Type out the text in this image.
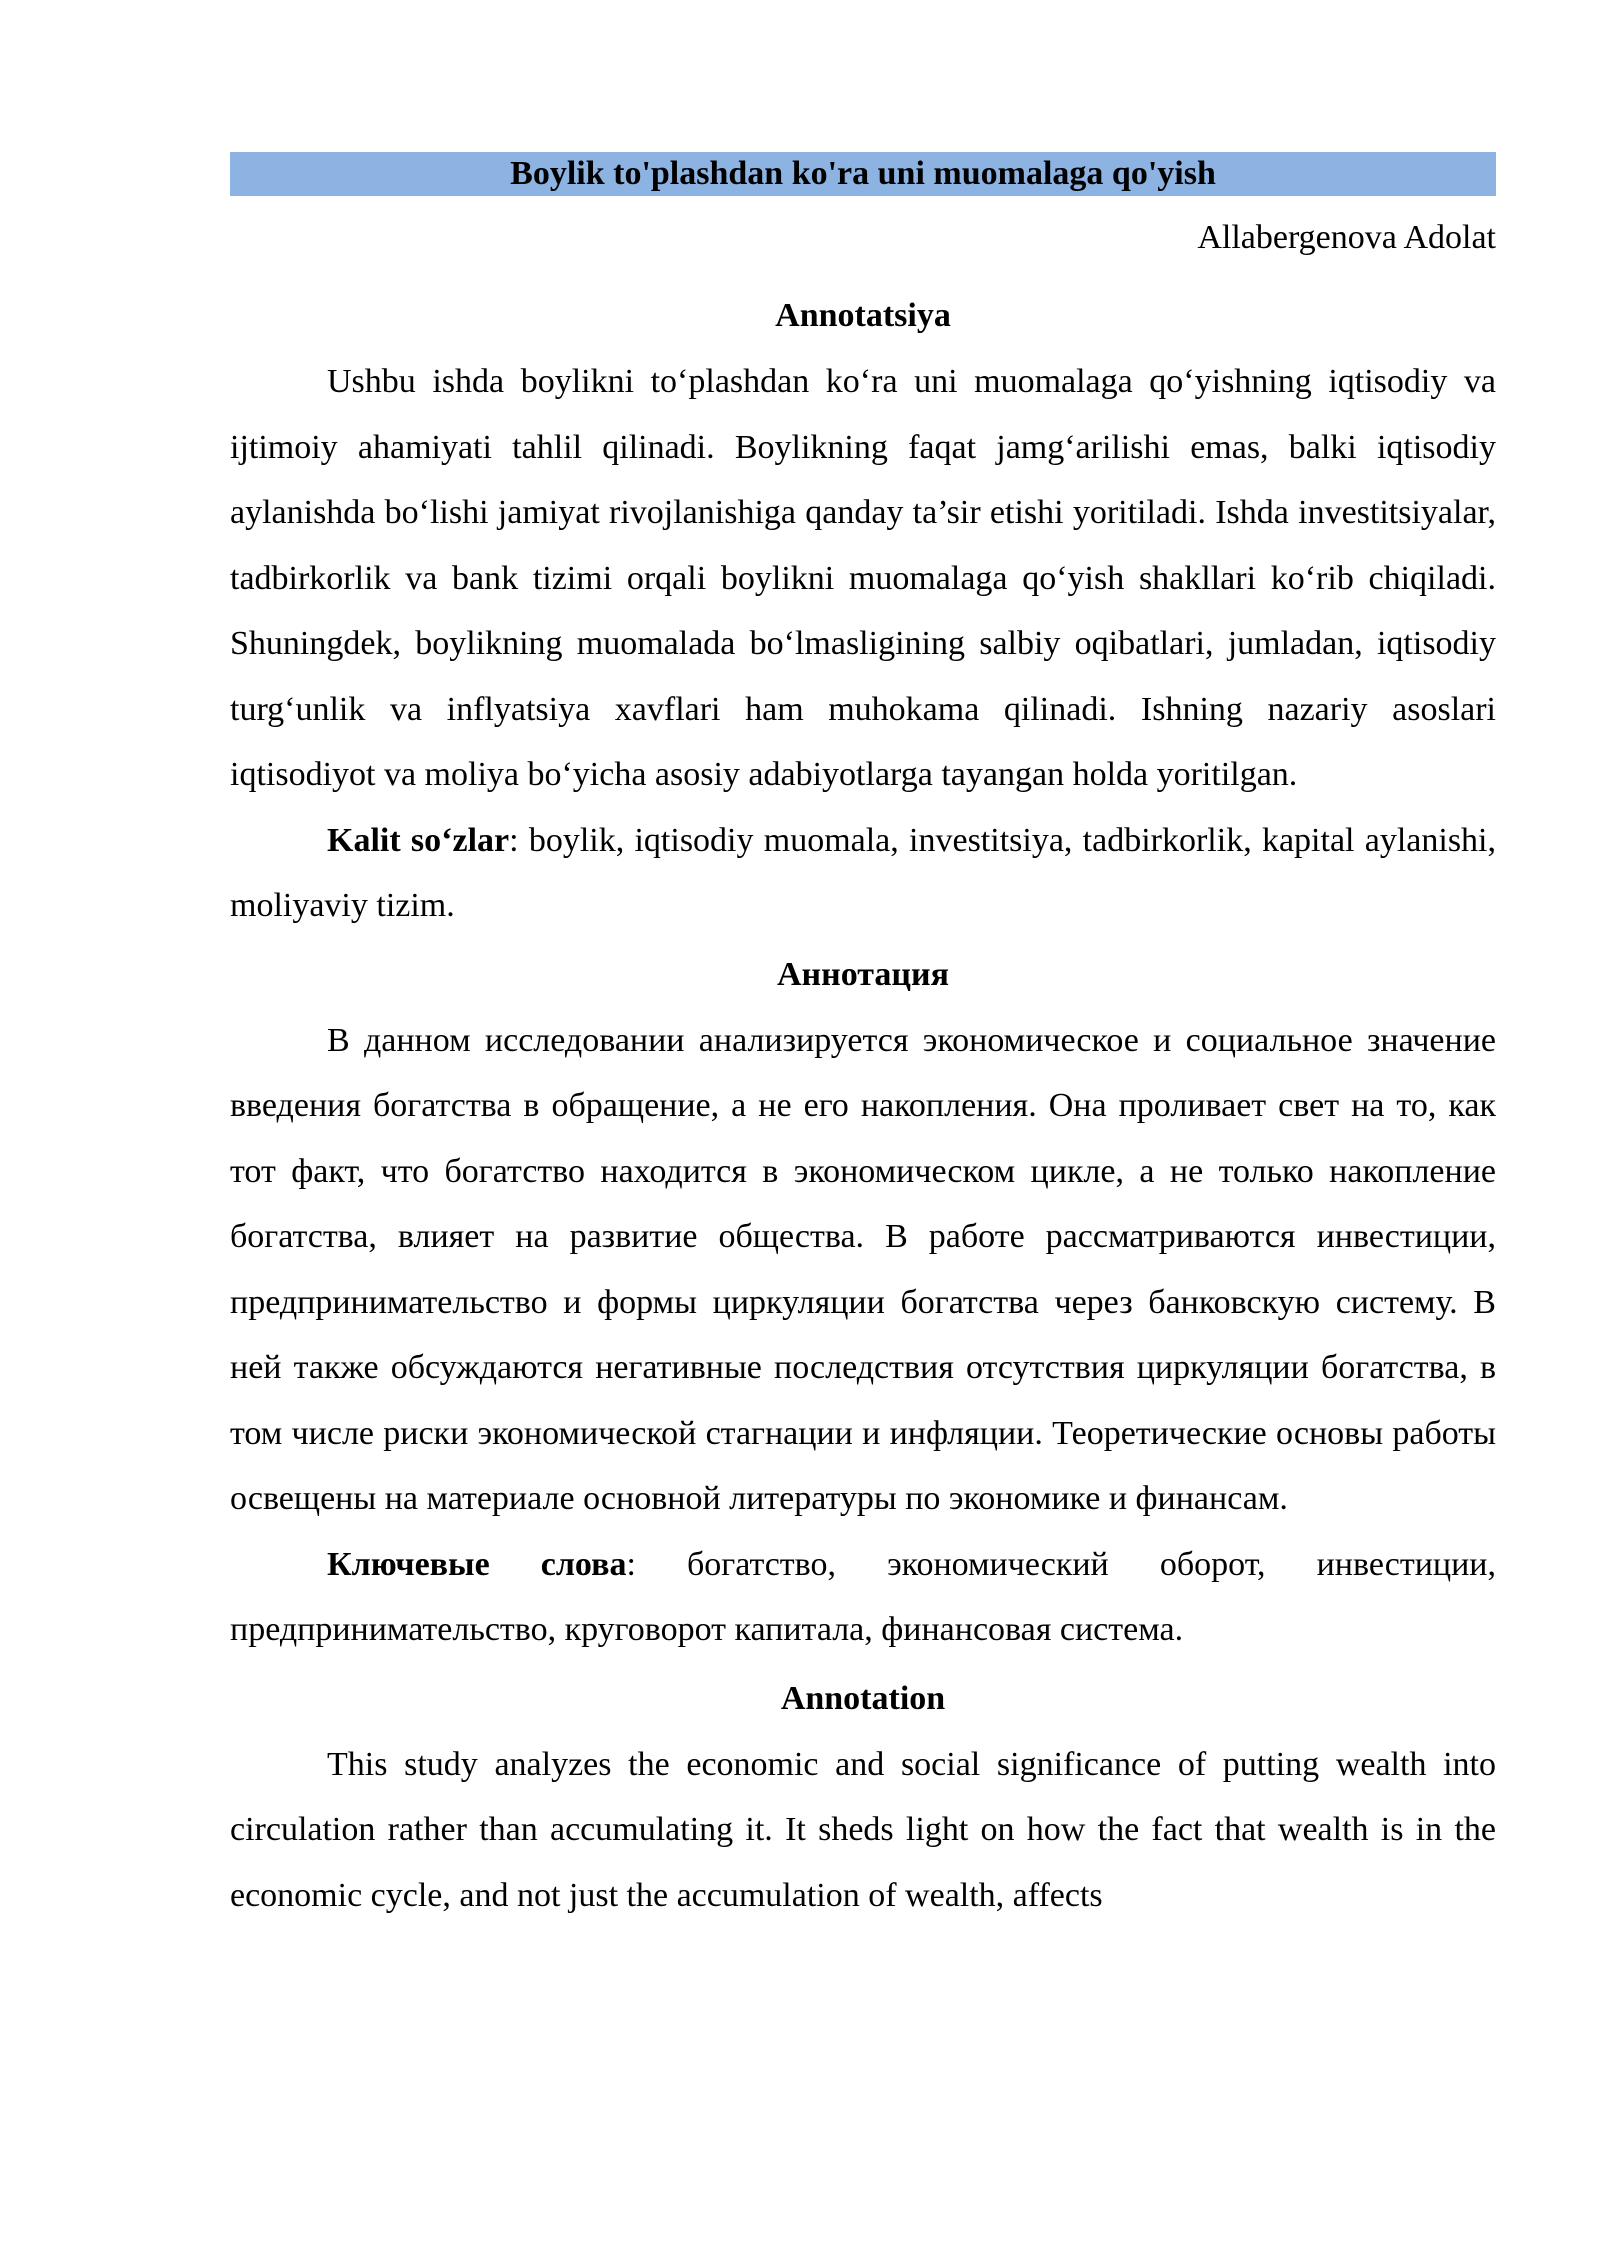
Boylik to'plashdan ko'ra uni muomalaga qo'yish
Allabergenova Adolat
Annotatsiya

Ushbu ishda boylikni to‘plashdan ko‘ra uni muomalaga qo‘yishning iqtisodiy va ijtimoiy ahamiyati tahlil qilinadi. Boylikning faqat jamg‘arilishi emas, balki iqtisodiy aylanishda bo‘lishi jamiyat rivojlanishiga qanday ta’sir etishi yoritiladi. Ishda investitsiyalar, tadbirkorlik va bank tizimi orqali boylikni muomalaga qo‘yish shakllari ko‘rib chiqiladi. Shuningdek, boylikning muomalada bo‘lmasligining salbiy oqibatlari, jumladan, iqtisodiy turg‘unlik va inflyatsiya xavflari ham muhokama qilinadi. Ishning nazariy asoslari iqtisodiyot va moliya bo‘yicha asosiy adabiyotlarga tayangan holda yoritilgan.

Kalit so‘zlar: boylik, iqtisodiy muomala, investitsiya, tadbirkorlik, kapital aylanishi, moliyaviy tizim.

Аннотация

В данном исследовании анализируется экономическое и социальное значение введения богатства в обращение, а не его накопления. Она проливает свет на то, как тот факт, что богатство находится в экономическом цикле, а не только накопление богатства, влияет на развитие общества. В работе рассматриваются инвестиции, предпринимательство и формы циркуляции богатства через банковскую систему. В ней также обсуждаются негативные последствия отсутствия циркуляции богатства, в том числе риски экономической стагнации и инфляции. Теоретические основы работы освещены на материале основной литературы по экономике и финансам.

Ключевые слова: богатство, экономический оборот, инвестиции, предпринимательство, круговорот капитала, финансовая система.

Annotation

This study analyzes the economic and social significance of putting wealth into circulation rather than accumulating it. It sheds light on how the fact that wealth is in the economic cycle, and not just the accumulation of wealth, affects
